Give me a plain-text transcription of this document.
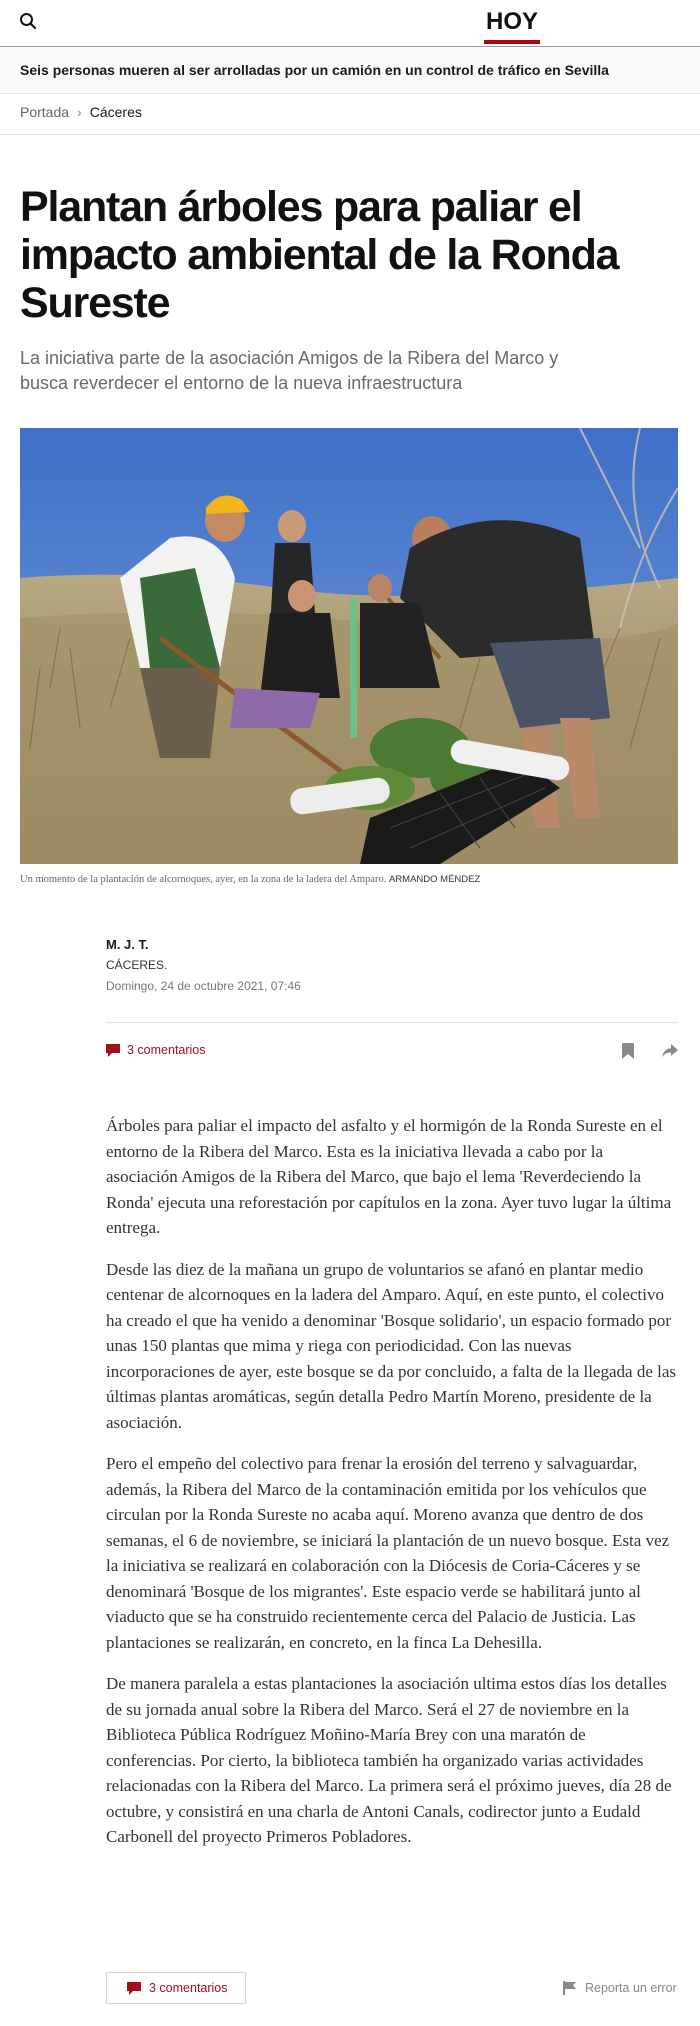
HOY
Seis personas mueren al ser arrolladas por un camión en un control de tráfico en Sevilla
Portada › Cáceres
Plantan árboles para paliar el impacto ambiental de la Ronda Sureste

La iniciativa parte de la asociación Amigos de la Ribera del Marco y busca reverdecer el entorno de la nueva infraestructura

Un momento de la plantación de alcornoques, ayer, en la zona de la ladera del Amparo. ARMANDO MÉNDEZ
M. J. T.
CÁCERES.
Domingo, 24 de octubre 2021, 07:46
3 comentarios

Árboles para paliar el impacto del asfalto y el hormigón de la Ronda Sureste en el entorno de la Ribera del Marco. Esta es la iniciativa llevada a cabo por la asociación Amigos de la Ribera del Marco, que bajo el lema 'Reverdeciendo la Ronda' ejecuta una reforestación por capítulos en la zona. Ayer tuvo lugar la última entrega.

Desde las diez de la mañana un grupo de voluntarios se afanó en plantar medio centenar de alcornoques en la ladera del Amparo. Aquí, en este punto, el colectivo ha creado el que ha venido a denominar 'Bosque solidario', un espacio formado por unas 150 plantas que mima y riega con periodicidad. Con las nuevas incorporaciones de ayer, este bosque se da por concluido, a falta de la llegada de las últimas plantas aromáticas, según detalla Pedro Martín Moreno, presidente de la asociación.

Pero el empeño del colectivo para frenar la erosión del terreno y salvaguardar, además, la Ribera del Marco de la contaminación emitida por los vehículos que circulan por la Ronda Sureste no acaba aquí. Moreno avanza que dentro de dos semanas, el 6 de noviembre, se iniciará la plantación de un nuevo bosque. Esta vez la iniciativa se realizará en colaboración con la Diócesis de Coria-Cáceres y se denominará 'Bosque de los migrantes'. Este espacio verde se habilitará junto al viaducto que se ha construido recientemente cerca del Palacio de Justicia. Las plantaciones se realizarán, en concreto, en la finca La Dehesilla.

De manera paralela a estas plantaciones la asociación ultima estos días los detalles de su jornada anual sobre la Ribera del Marco. Será el 27 de noviembre en la Biblioteca Pública Rodríguez Moñino-María Brey con una maratón de conferencias. Por cierto, la biblioteca también ha organizado varias actividades relacionadas con la Ribera del Marco. La primera será el próximo jueves, día 28 de octubre, y consistirá en una charla de Antoni Canals, codirector junto a Eudald Carbonell del proyecto Primeros Pobladores.

3 comentarios	Reporta un error
